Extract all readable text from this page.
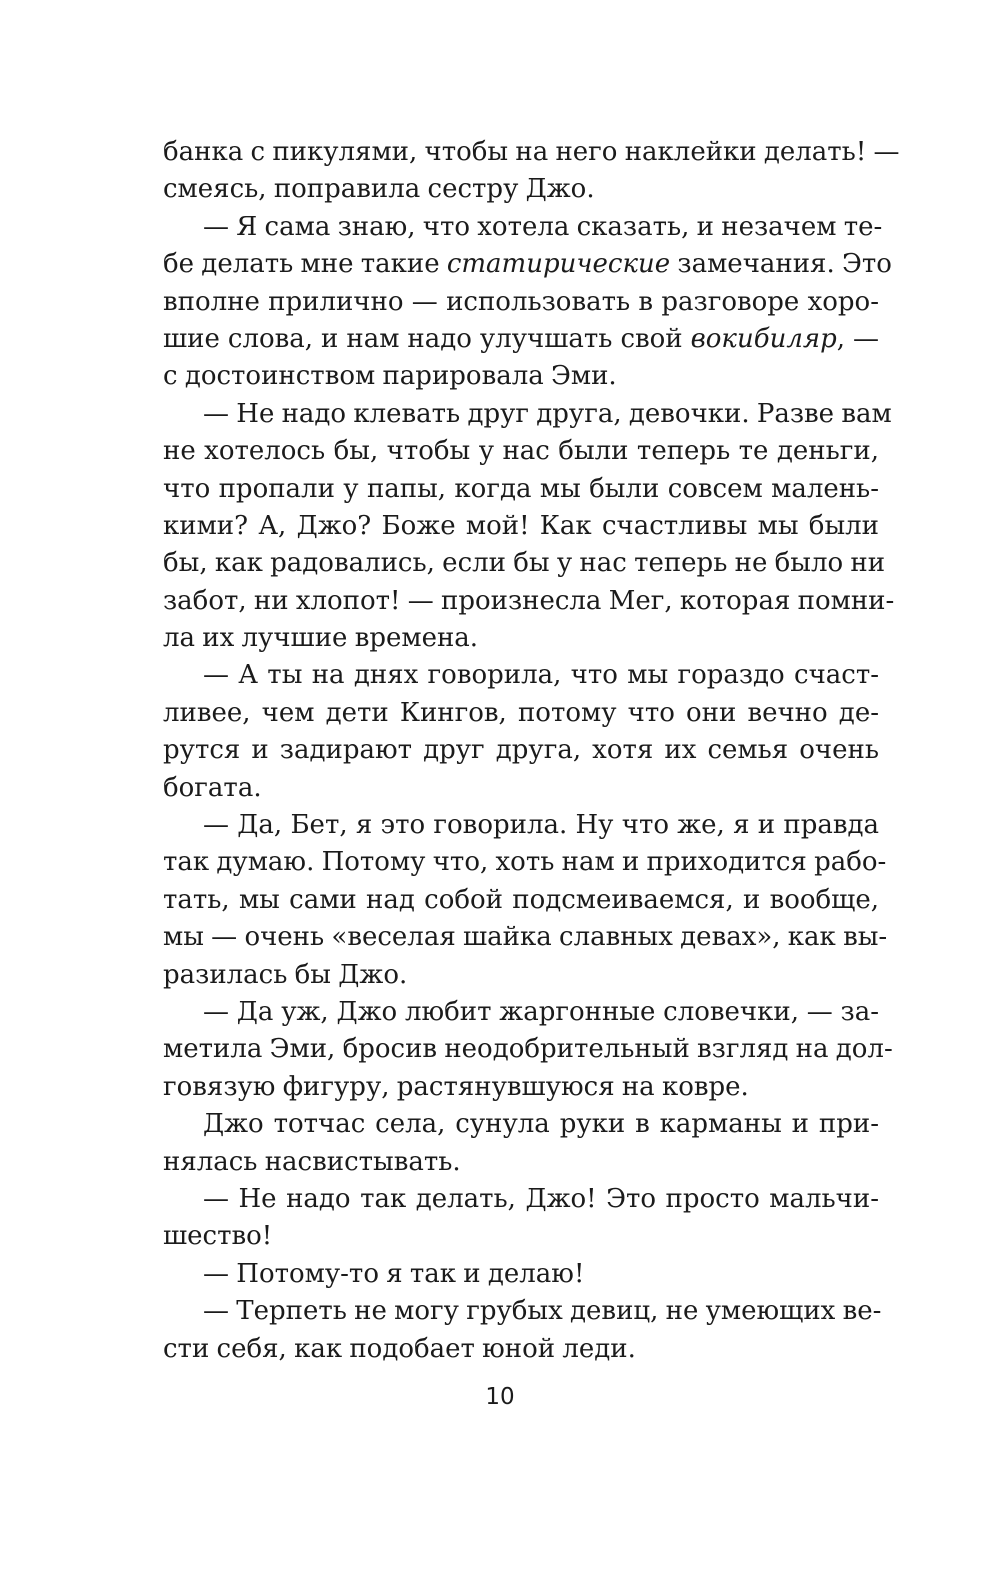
банка с пикулями, чтобы на него наклейки делать! —
смеясь, поправила сестру Джо.
— Я сама знаю, что хотела сказать, и незачем те-
бе делать мне такие статирические замечания. Это
вполне прилично — использовать в разговоре хоро-
шие слова, и нам надо улучшать свой вокибиляр, —
с достоинством парировала Эми.
— Не надо клевать друг друга, девочки. Разве вам
не хотелось бы, чтобы у нас были теперь те деньги,
что пропали у папы, когда мы были совсем малень-
кими? А, Джо? Боже мой! Как счастливы мы были
бы, как радовались, если бы у нас теперь не было ни
забот, ни хлопот! — произнесла Мег, которая помни-
ла их лучшие времена.
— А ты на днях говорила, что мы гораздо счаст-
ливее, чем дети Кингов, потому что они вечно де-
рутся и задирают друг друга, хотя их семья очень
богата.
— Да, Бет, я это говорила. Ну что же, я и правда
так думаю. Потому что, хоть нам и приходится рабо-
тать, мы сами над собой подсмеиваемся, и вообще,
мы — очень «веселая шайка славных девах», как вы-
разилась бы Джо.
— Да уж, Джо любит жаргонные словечки, — за-
метила Эми, бросив неодобрительный взгляд на дол-
говязую фигуру, растянувшуюся на ковре.
Джо тотчас села, сунула руки в карманы и при-
нялась насвистывать.
— Не надо так делать, Джо! Это просто мальчи-
шество!
— Потому-то я так и делаю!
— Терпеть не могу грубых девиц, не умеющих ве-
сти себя, как подобает юной леди.
10
